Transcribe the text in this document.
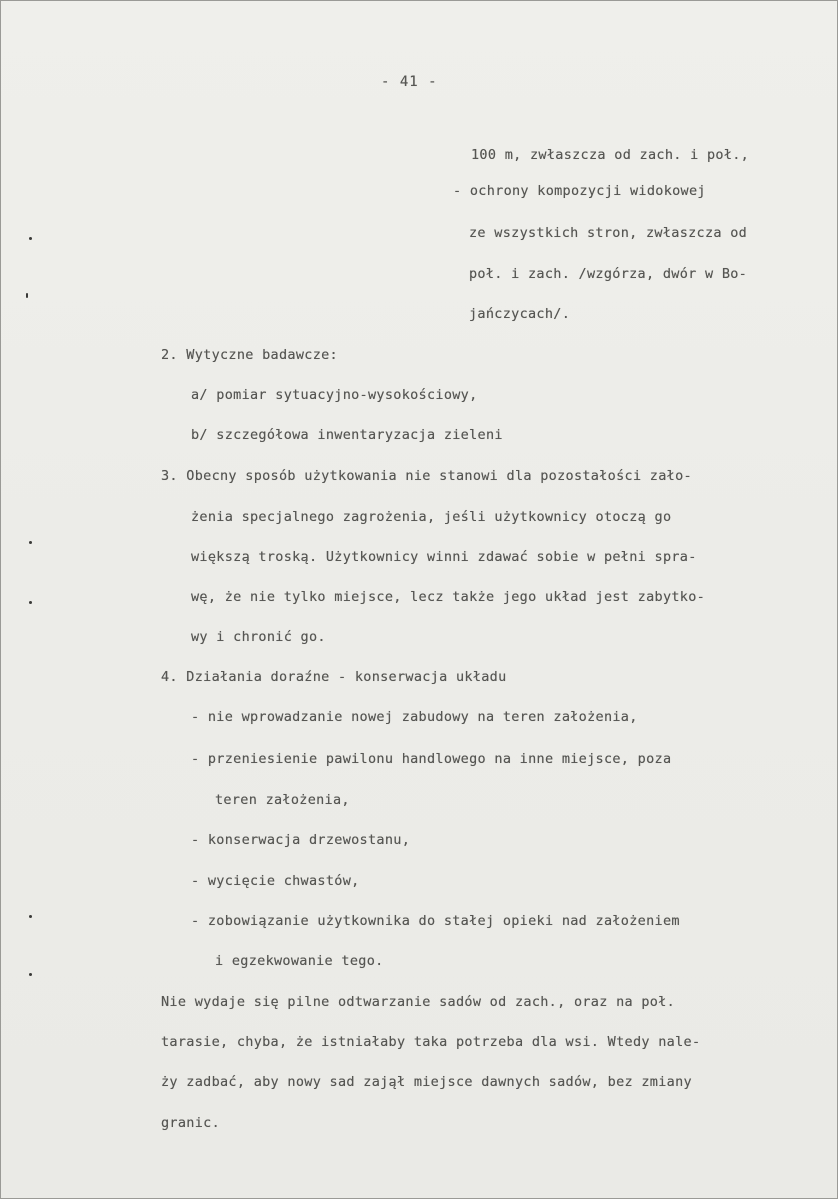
- 41 -
100 m, zwłaszcza od zach. i poł.,
- ochrony kompozycji widokowej
ze wszystkich stron, zwłaszcza od
poł. i zach. /wzgórza, dwór w Bo-
jańczycach/.
2. Wytyczne badawcze:
a/ pomiar sytuacyjno-wysokościowy,
b/ szczegółowa inwentaryzacja zieleni
3. Obecny sposób użytkowania nie stanowi dla pozostałości zało-
żenia specjalnego zagrożenia, jeśli użytkownicy otoczą go
większą troską. Użytkownicy winni zdawać sobie w pełni spra-
wę, że nie tylko miejsce, lecz także jego układ jest zabytko-
wy i chronić go.
4. Działania doraźne - konserwacja układu
- nie wprowadzanie nowej zabudowy na teren założenia,
- przeniesienie pawilonu handlowego na inne miejsce, poza
teren założenia,
- konserwacja drzewostanu,
- wycięcie chwastów,
- zobowiązanie użytkownika do stałej opieki nad założeniem
i egzekwowanie tego.
Nie wydaje się pilne odtwarzanie sadów od zach., oraz na poł.
tarasie, chyba, że istniałaby taka potrzeba dla wsi. Wtedy nale-
ży zadbać, aby nowy sad zajął miejsce dawnych sadów, bez zmiany
granic.
